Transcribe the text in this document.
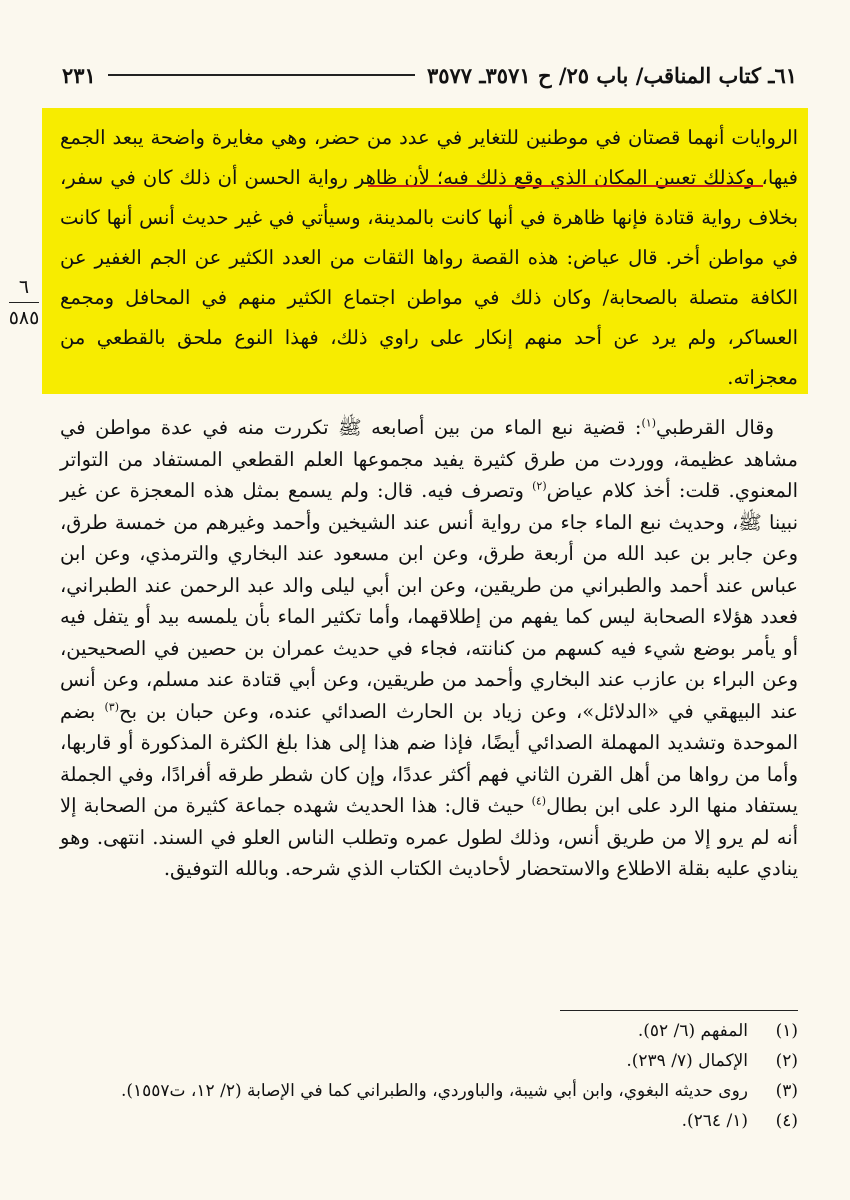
٦١ـ كتاب المناقب/ باب ٢٥/ ح ٣٥٧١ـ ٣٥٧٧
٢٣١
الروايات أنهما قصتان في موطنين للتغاير في عدد من حضر، وهي مغايرة واضحة يبعد الجمع فيها، وكذلك تعيين المكان الذي وقع ذلك فيه؛ لأن ظاهر رواية الحسن أن ذلك كان في سفر، بخلاف رواية قتادة فإنها ظاهرة في أنها كانت بالمدينة، وسيأتي في غير حديث أنس أنها كانت في مواطن أخر. قال عياض: هذه القصة رواها الثقات من العدد الكثير عن الجم الغفير عن الكافة متصلة بالصحابة/ وكان ذلك في مواطن اجتماع الكثير منهم في المحافل ومجمع العساكر، ولم يرد عن أحد منهم إنكار على راوي ذلك، فهذا النوع ملحق بالقطعي من معجزاته.
٦
٥٨٥

وقال القرطبي$^{(١)}$: قضية نبع الماء من بين أصابعه ﷺ تكررت منه في عدة مواطن في مشاهد عظيمة، ووردت من طرق كثيرة يفيد مجموعها العلم القطعي المستفاد من التواتر المعنوي. قلت: أخذ كلام عياض$^{(٢)}$ وتصرف فيه. قال: ولم يسمع بمثل هذه المعجزة عن غير نبينا ﷺ، وحديث نبع الماء جاء من رواية أنس عند الشيخين وأحمد وغيرهم من خمسة طرق، وعن جابر بن عبد الله من أربعة طرق، وعن ابن مسعود عند البخاري والترمذي، وعن ابن عباس عند أحمد والطبراني من طريقين، وعن ابن أبي ليلى والد عبد الرحمن عند الطبراني، فعدد هؤلاء الصحابة ليس كما يفهم من إطلاقهما، وأما تكثير الماء بأن يلمسه بيد أو يتفل فيه أو يأمر بوضع شيء فيه كسهم من كنانته، فجاء في حديث عمران بن حصين في الصحيحين، وعن البراء بن عازب عند البخاري وأحمد من طريقين، وعن أبي قتادة عند مسلم، وعن أنس عند البيهقي في «الدلائل»، وعن زياد بن الحارث الصدائي عنده، وعن حبان بن بح$^{(٣)}$ بضم الموحدة وتشديد المهملة الصدائي أيضًا، فإذا ضم هذا إلى هذا بلغ الكثرة المذكورة أو قاربها، وأما من رواها من أهل القرن الثاني فهم أكثر عددًا، وإن كان شطر طرقه أفرادًا، وفي الجملة يستفاد منها الرد على ابن بطال$^{(٤)}$ حيث قال: هذا الحديث شهده جماعة كثيرة من الصحابة إلا أنه لم يرو إلا من طريق أنس، وذلك لطول عمره وتطلب الناس العلو في السند. انتهى. وهو ينادي عليه بقلة الاطلاع والاستحضار لأحاديث الكتاب الذي شرحه. وبالله التوفيق.

(١)
المفهم (٦/ ٥٢).
(٢)
الإكمال (٧/ ٢٣٩).
(٣)
روى حديثه البغوي، وابن أبي شيبة، والباوردي، والطبراني كما في الإصابة (٢/ ١٢، ت١٥٥٧).
(٤)
(١/ ٢٦٤).
